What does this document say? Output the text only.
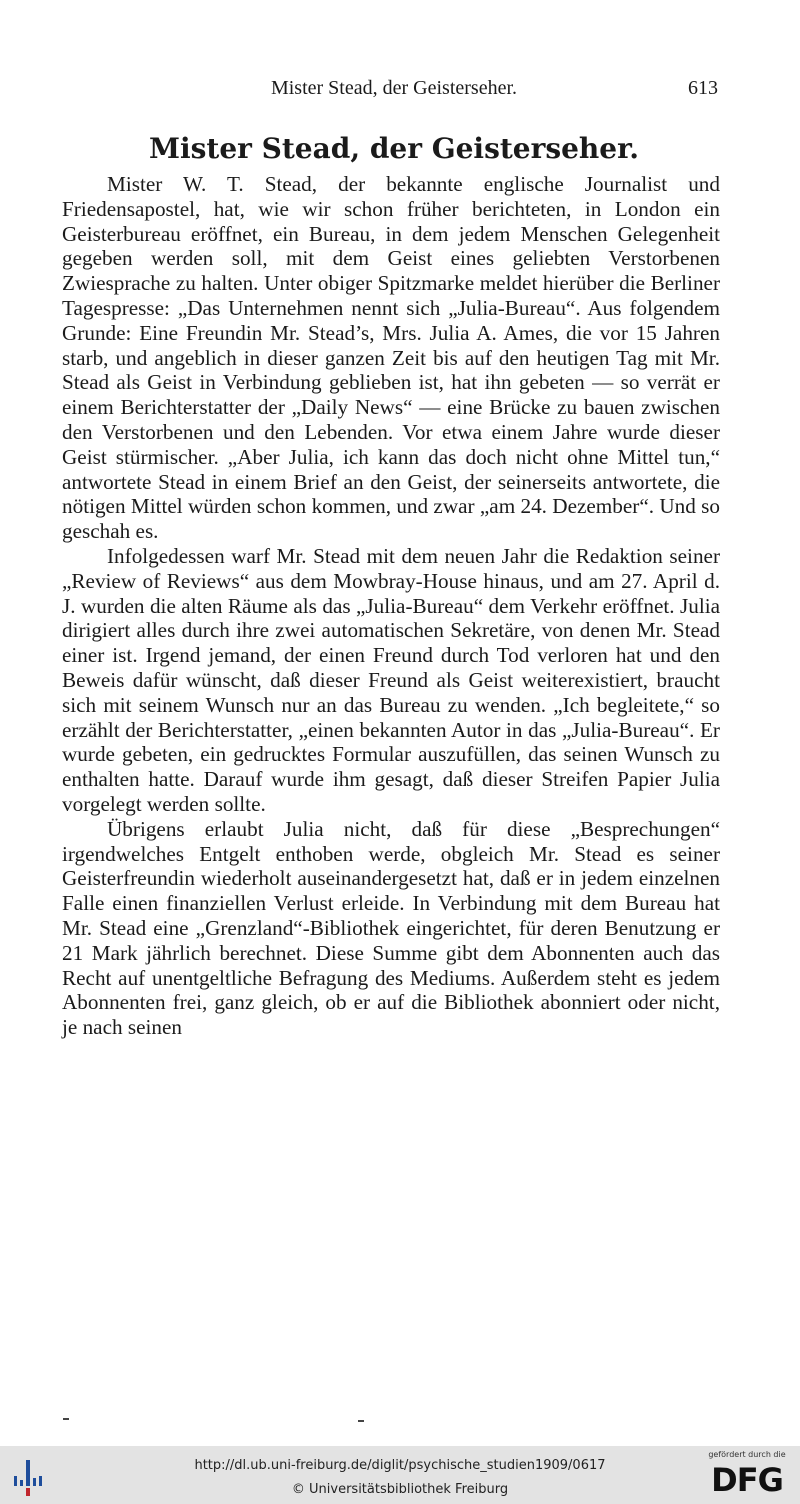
Mister Stead, der Geisterseher.	613
Mister Stead, der Geisterseher.

Mister W. T. Stead, der bekannte englische Journalist und Friedensapostel, hat, wie wir schon früher berichteten, in London ein Geisterbureau eröffnet, ein Bureau, in dem jedem Menschen Gelegenheit gegeben werden soll, mit dem Geist eines geliebten Verstorbenen Zwiesprache zu halten. Unter obiger Spitzmarke meldet hierüber die Berliner Tagespresse: „Das Unternehmen nennt sich „Julia-Bureau“. Aus folgendem Grunde: Eine Freundin Mr. Stead’s, Mrs. Julia A. Ames, die vor 15 Jahren starb, und angeblich in dieser ganzen Zeit bis auf den heutigen Tag mit Mr. Stead als Geist in Verbindung geblieben ist, hat ihn gebeten — so verrät er einem Berichterstatter der „Daily News“ — eine Brücke zu bauen zwischen den Verstorbenen und den Lebenden. Vor etwa einem Jahre wurde dieser Geist stürmischer. „Aber Julia, ich kann das doch nicht ohne Mittel tun,“ antwortete Stead in einem Brief an den Geist, der seinerseits antwortete, die nötigen Mittel würden schon kommen, und zwar „am 24. Dezember“. Und so geschah es.

Infolgedessen warf Mr. Stead mit dem neuen Jahr die Redaktion seiner „Review of Reviews“ aus dem Mowbray-House hinaus, und am 27. April d. J. wurden die alten Räume als das „Julia-Bureau“ dem Verkehr eröffnet. Julia dirigiert alles durch ihre zwei automatischen Sekretäre, von denen Mr. Stead einer ist. Irgend jemand, der einen Freund durch Tod verloren hat und den Beweis dafür wünscht, daß dieser Freund als Geist weiterexistiert, braucht sich mit seinem Wunsch nur an das Bureau zu wenden. „Ich begleitete,“ so erzählt der Berichterstatter, „einen bekannten Autor in das „Julia-Bureau“. Er wurde gebeten, ein gedrucktes Formular auszufüllen, das seinen Wunsch zu enthalten hatte. Darauf wurde ihm gesagt, daß dieser Streifen Papier Julia vorgelegt werden sollte.

Übrigens erlaubt Julia nicht, daß für diese „Besprechungen“ irgendwelches Entgelt enthoben werde, obgleich Mr. Stead es seiner Geisterfreundin wiederholt auseinandergesetzt hat, daß er in jedem einzelnen Falle einen finanziellen Verlust erleide. In Verbindung mit dem Bureau hat Mr. Stead eine „Grenzland“-Bibliothek eingerichtet, für deren Benutzung er 21 Mark jährlich berechnet. Diese Summe gibt dem Abonnenten auch das Recht auf unentgeltliche Befragung des Mediums. Außerdem steht es jedem Abonnenten frei, ganz gleich, ob er auf die Bibliothek abonniert oder nicht, je nach seinen

http://dl.ub.uni-freiburg.de/diglit/psychische_studien1909/0617
© Universitätsbibliothek Freiburg
gefördert durch die
DFG
